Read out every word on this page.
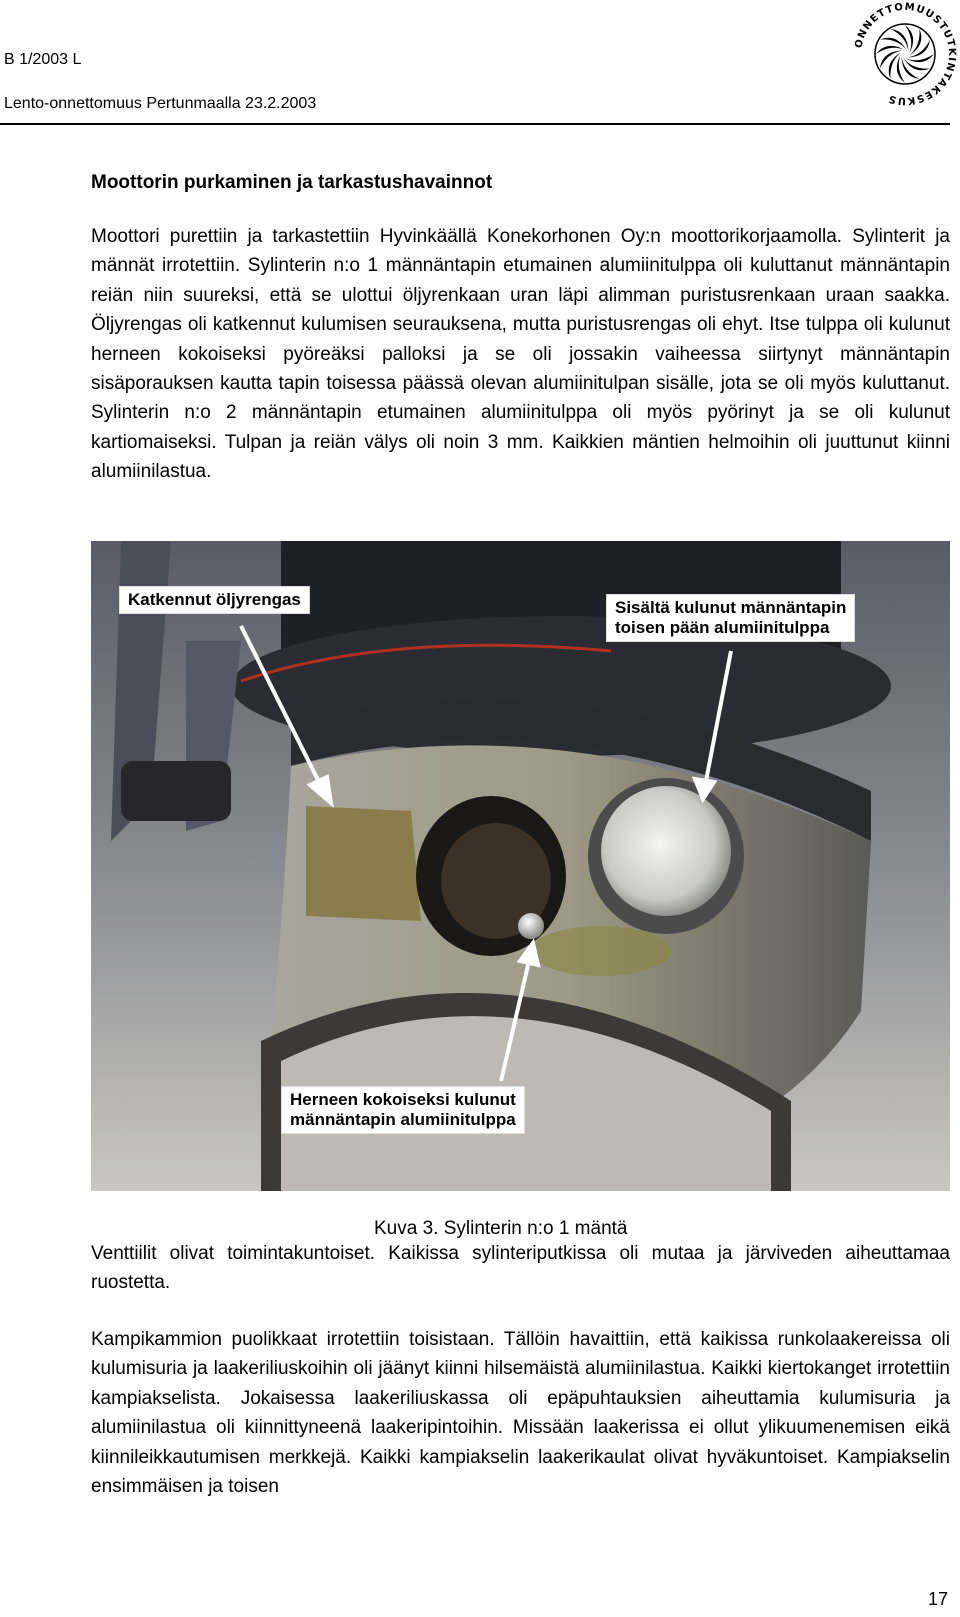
B 1/2003 L
Lento-onnettomuus Pertunmaalla 23.2.2003
ONNETTOMUUSTUTKINTAKESKUS
Moottorin purkaminen ja tarkastushavainnot
Moottori purettiin ja tarkastettiin Hyvinkäällä Konekorhonen Oy:n moottorikorjaamolla. Sylinterit ja männät irrotettiin. Sylinterin n:o 1 männäntapin etumainen alumiinitulppa oli kuluttanut männäntapin reiän niin suureksi, että se ulottui öljyrenkaan uran läpi alimman puristusrenkaan uraan saakka. Öljyrengas oli katkennut kulumisen seurauksena, mutta puristusrengas oli ehyt. Itse tulppa oli kulunut herneen kokoiseksi pyöreäksi palloksi ja se oli jossakin vaiheessa siirtynyt männäntapin sisäporauksen kautta tapin toisessa päässä olevan alumiinitulpan sisälle, jota se oli myös kuluttanut. Sylinterin n:o 2 männäntapin etumainen alumiinitulppa oli myös pyörinyt ja se oli kulunut kartiomaiseksi. Tulpan ja reiän välys oli noin 3 mm. Kaikkien mäntien helmoihin oli juuttunut kiinni alumiinilastua.
Katkennut öljyrengas	Sisältä kulunut männäntapin
toisen pään alumiinitulppa
Herneen kokoiseksi kulunut
männäntapin alumiinitulppa
Kuva 3. Sylinterin n:o 1 mäntä
Venttiilit olivat toimintakuntoiset. Kaikissa sylinteriputkissa oli mutaa ja järviveden aiheuttamaa ruostetta.
Kampikammion puolikkaat irrotettiin toisistaan. Tällöin havaittiin, että kaikissa runkolaakereissa oli kulumisuria ja laakeriliuskoihin oli jäänyt kiinni hilsemäistä alumiinilastua. Kaikki kiertokanget irrotettiin kampiakselista. Jokaisessa laakeriliuskassa oli epäpuhtauksien aiheuttamia kulumisuria ja alumiinilastua oli kiinnittyneenä laakeripintoihin. Missään laakerissa ei ollut ylikuumenemisen eikä kiinnileikkautumisen merkkejä. Kaikki kampiakselin laakerikaulat olivat hyväkuntoiset. Kampiakselin ensimmäisen ja toisen
17
